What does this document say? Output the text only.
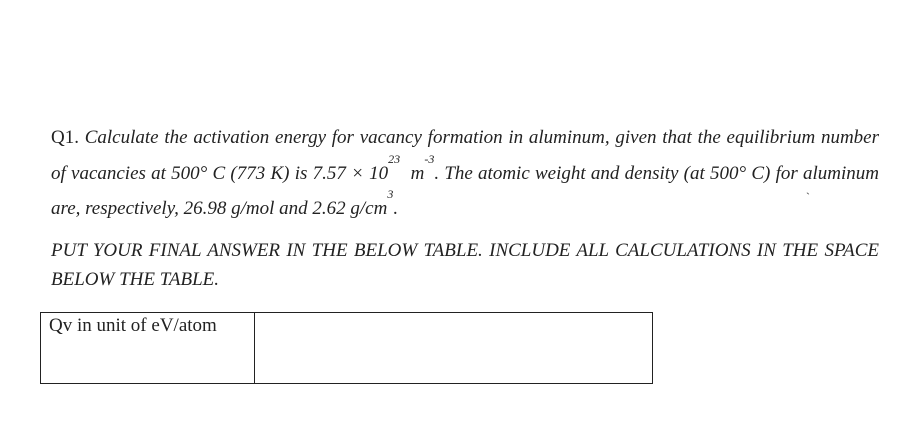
Q1. Calculate the activation energy for vacancy formation in aluminum, given that the equilibrium number of vacancies at 500° C (773 K) is 7.57 × 1023  m-3. The atomic weight and density (at 500° C) for aluminum are, respectively, 26.98 g/mol and 2.62 g/cm3.
`
PUT YOUR FINAL ANSWER IN THE BELOW TABLE. INCLUDE ALL CALCULATIONS IN THE SPACE BELOW THE TABLE.
Qv in unit of eV/atom	
